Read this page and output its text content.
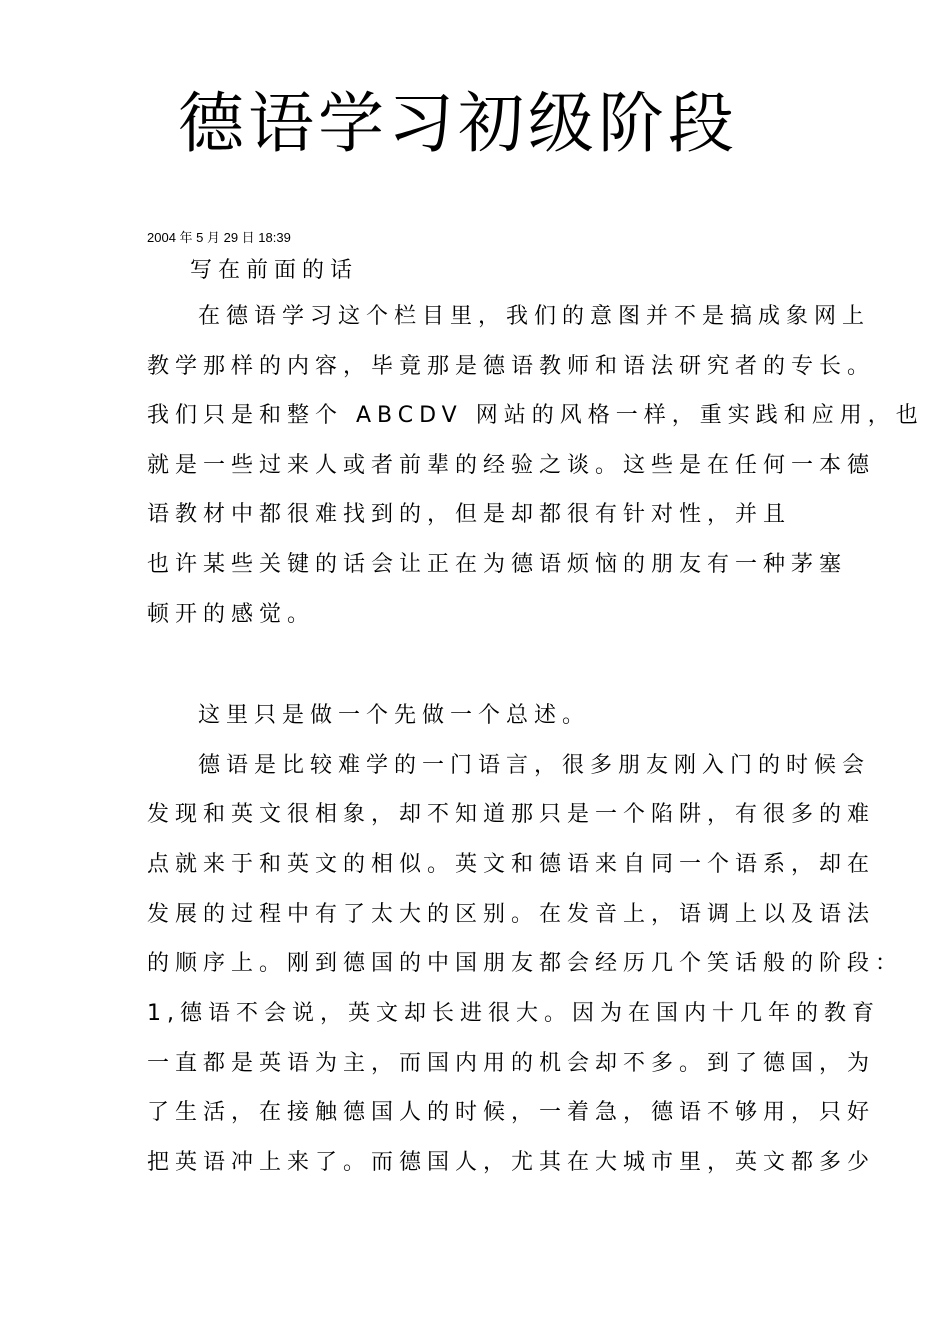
德语学习初级阶段
2004 年 5 月 29 日 18:39
写在前面的话
在德语学习这个栏目里，我们的意图并不是搞成象网上
教学那样的内容，毕竟那是德语教师和语法研究者的专长。
我们只是和整个 ABCDV 网站的风格一样，重实践和应用，也
就是一些过来人或者前辈的经验之谈。这些是在任何一本德
语教材中都很难找到的，但是却都很有针对性，并且
也许某些关键的话会让正在为德语烦恼的朋友有一种茅塞
顿开的感觉。
这里只是做一个先做一个总述。
德语是比较难学的一门语言，很多朋友刚入门的时候会
发现和英文很相象，却不知道那只是一个陷阱，有很多的难
点就来于和英文的相似。英文和德语来自同一个语系，却在
发展的过程中有了太大的区别。在发音上，语调上以及语法
的顺序上。刚到德国的中国朋友都会经历几个笑话般的阶段：
1,德语不会说，英文却长进很大。因为在国内十几年的教育
一直都是英语为主，而国内用的机会却不多。到了德国，为
了生活，在接触德国人的时候，一着急，德语不够用，只好
把英语冲上来了。而德国人，尤其在大城市里，英文都多少
